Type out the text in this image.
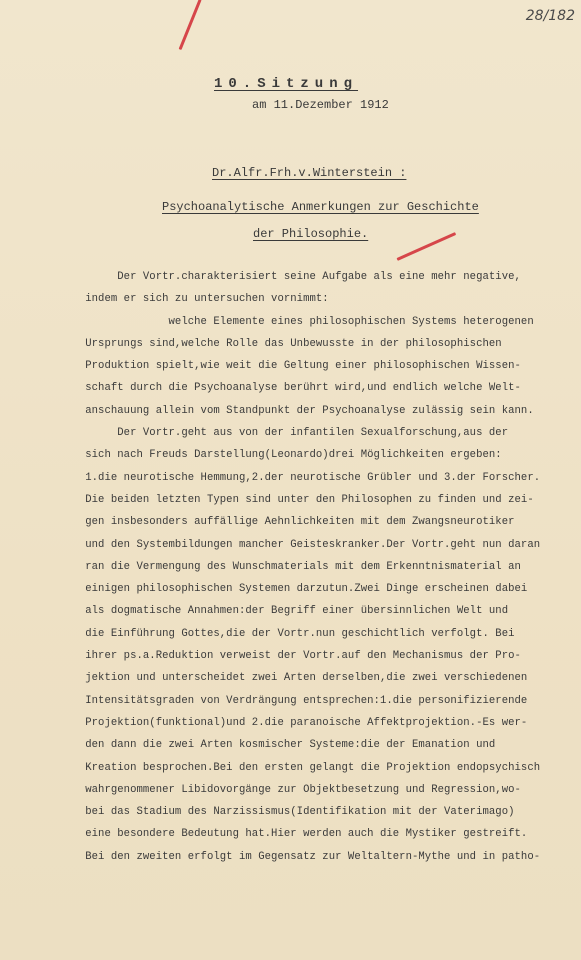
28/182
10.Sitzung
am 11.Dezember 1912
Dr.Alfr.Frh.v.Winterstein :
Psychoanalytische Anmerkungen zur Geschichte
der Philosophie.
Der Vortr.charakterisiert seine Aufgabe als eine mehr negative,
indem er sich zu untersuchen vornimmt:
welche Elemente eines philosophischen Systems heterogenen
Ursprungs sind,welche Rolle das Unbewusste in der philosophischen
Produktion spielt,wie weit die Geltung einer philosophischen Wissen-
schaft durch die Psychoanalyse berührt wird,und endlich welche Welt-
anschauung allein vom Standpunkt der Psychoanalyse zulässig sein kann.
Der Vortr.geht aus von der infantilen Sexualforschung,aus der
sich nach Freuds Darstellung(Leonardo)drei Möglichkeiten ergeben:
1.die neurotische Hemmung,2.der neurotische Grübler und 3.der Forscher.
Die beiden letzten Typen sind unter den Philosophen zu finden und zei-
gen insbesonders auffällige Aehnlichkeiten mit dem Zwangsneurotiker
und den Systembildungen mancher Geisteskranker.Der Vortr.geht nun daran
ran die Vermengung des Wunschmaterials mit dem Erkenntnismaterial an
einigen philosophischen Systemen darzutun.Zwei Dinge erscheinen dabei
als dogmatische Annahmen:der Begriff einer übersinnlichen Welt und
die Einführung Gottes,die der Vortr.nun geschichtlich verfolgt. Bei
ihrer ps.a.Reduktion verweist der Vortr.auf den Mechanismus der Pro-
jektion und unterscheidet zwei Arten derselben,die zwei verschiedenen
Intensitätsgraden von Verdrängung entsprechen:1.die personifizierende
Projektion(funktional)und 2.die paranoische Affektprojektion.-Es wer-
den dann die zwei Arten kosmischer Systeme:die der Emanation und
Kreation besprochen.Bei den ersten gelangt die Projektion endopsychisch
wahrgenommener Libidovorgänge zur Objektbesetzung und Regression,wo-
bei das Stadium des Narzissismus(Identifikation mit der Vaterimago)
eine besondere Bedeutung hat.Hier werden auch die Mystiker gestreift.
Bei den zweiten erfolgt im Gegensatz zur Weltaltern-Mythe und in patho-
